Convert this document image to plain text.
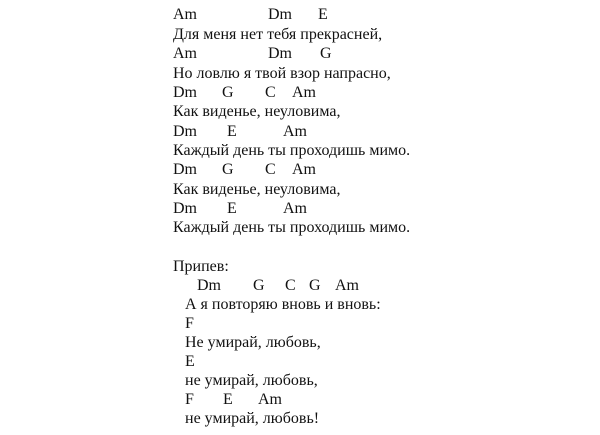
Am	Dm E
Для меня нет тебя прекрасней,
Am	Dm G
Но ловлю я твой взор напрасно,
Dm G C Am
Как виденье, неуловима,
Dm E	Am
Каждый день ты проходишь мимо.
Dm G C Am
Как виденье, неуловима,
Dm E	Am
Каждый день ты проходишь мимо.
Припев:
Dm G C G Am
А я повторяю вновь и вновь:
F
Не умирай, любовь,
E
не умирай, любовь,
F E Am
не умирай, любовь!
